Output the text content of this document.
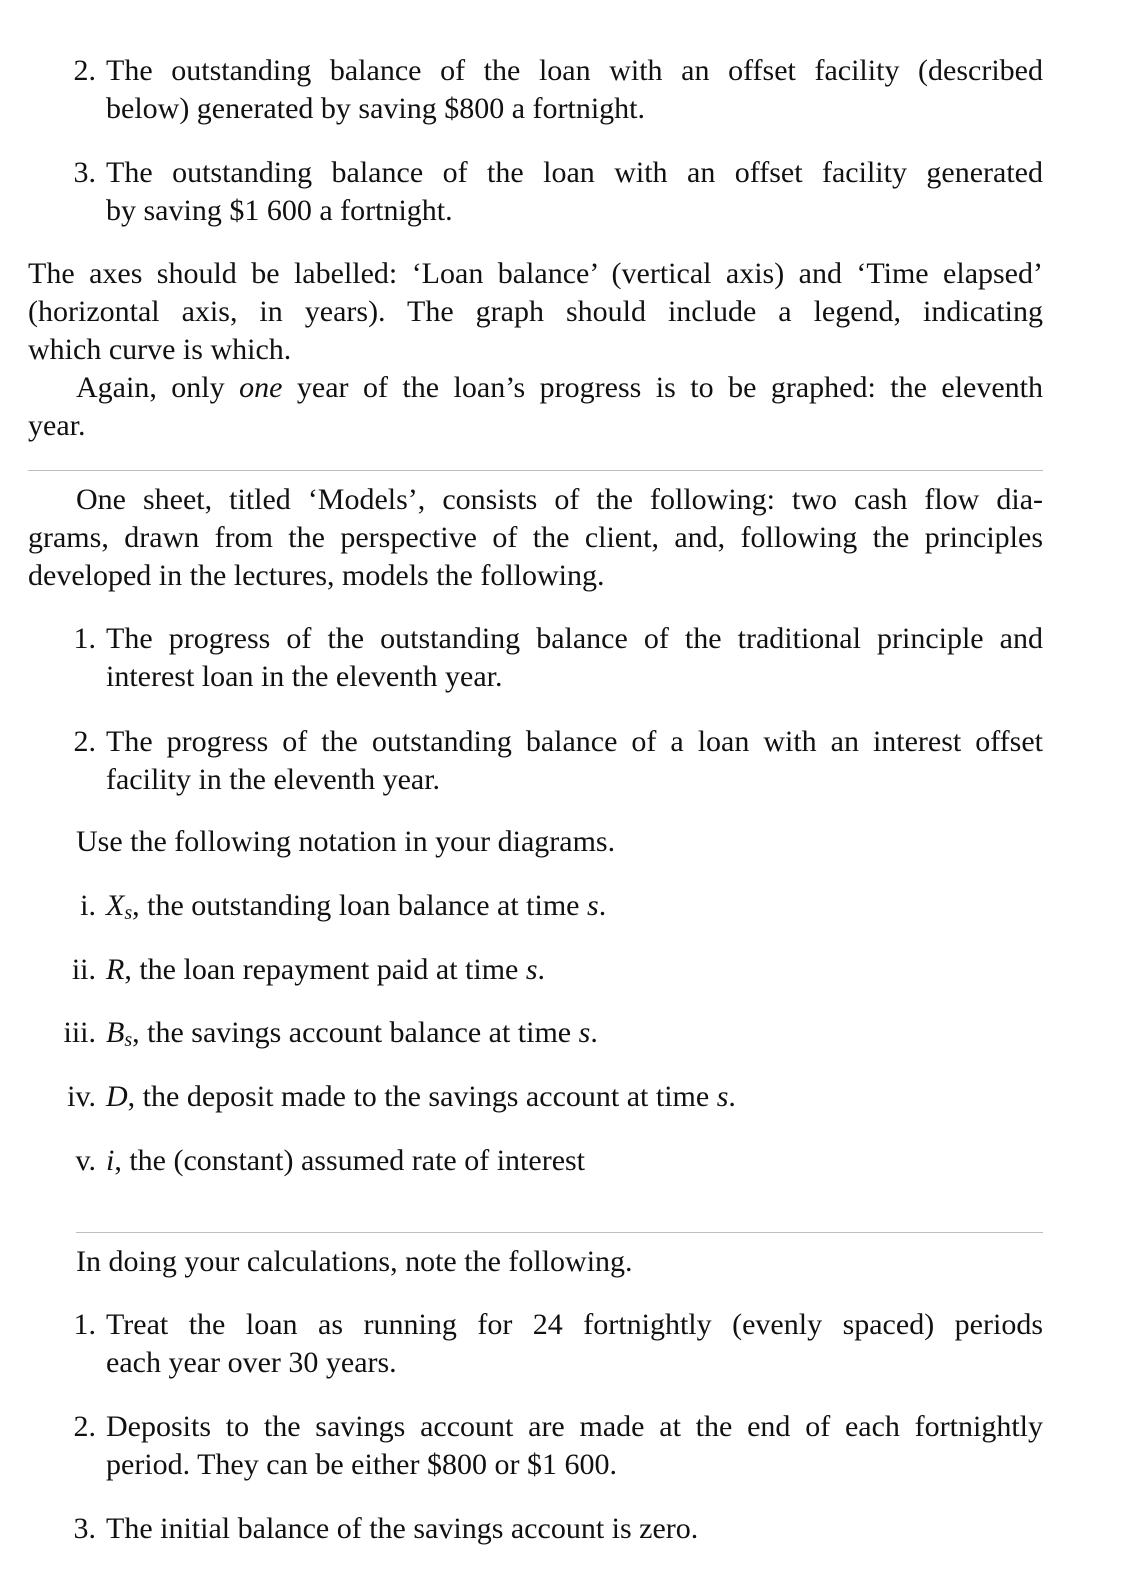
2. The outstanding balance of the loan with an offset facility (described
below) generated by saving $800 a fortnight.
3. The outstanding balance of the loan with an offset facility generated
by saving $1 600 a fortnight.
The axes should be labelled: ‘Loan balance’ (vertical axis) and ‘Time elapsed’
(horizontal axis, in years). The graph should include a legend, indicating
which curve is which.
Again, only one year of the loan’s progress is to be graphed: the eleventh
year.
One sheet, titled ‘Models’, consists of the following: two cash flow dia-
grams, drawn from the perspective of the client, and, following the principles
developed in the lectures, models the following.
1. The progress of the outstanding balance of the traditional principle and
interest loan in the eleventh year.
2. The progress of the outstanding balance of a loan with an interest offset
facility in the eleventh year.
Use the following notation in your diagrams.
i. $X_s$, the outstanding loan balance at time s.
ii. R, the loan repayment paid at time s.
iii. $B_s$, the savings account balance at time s.
iv. D, the deposit made to the savings account at time s.
v. i, the (constant) assumed rate of interest
In doing your calculations, note the following.
1. Treat the loan as running for 24 fortnightly (evenly spaced) periods
each year over 30 years.
2. Deposits to the savings account are made at the end of each fortnightly
period. They can be either $800 or $1 600.
3. The initial balance of the savings account is zero.
